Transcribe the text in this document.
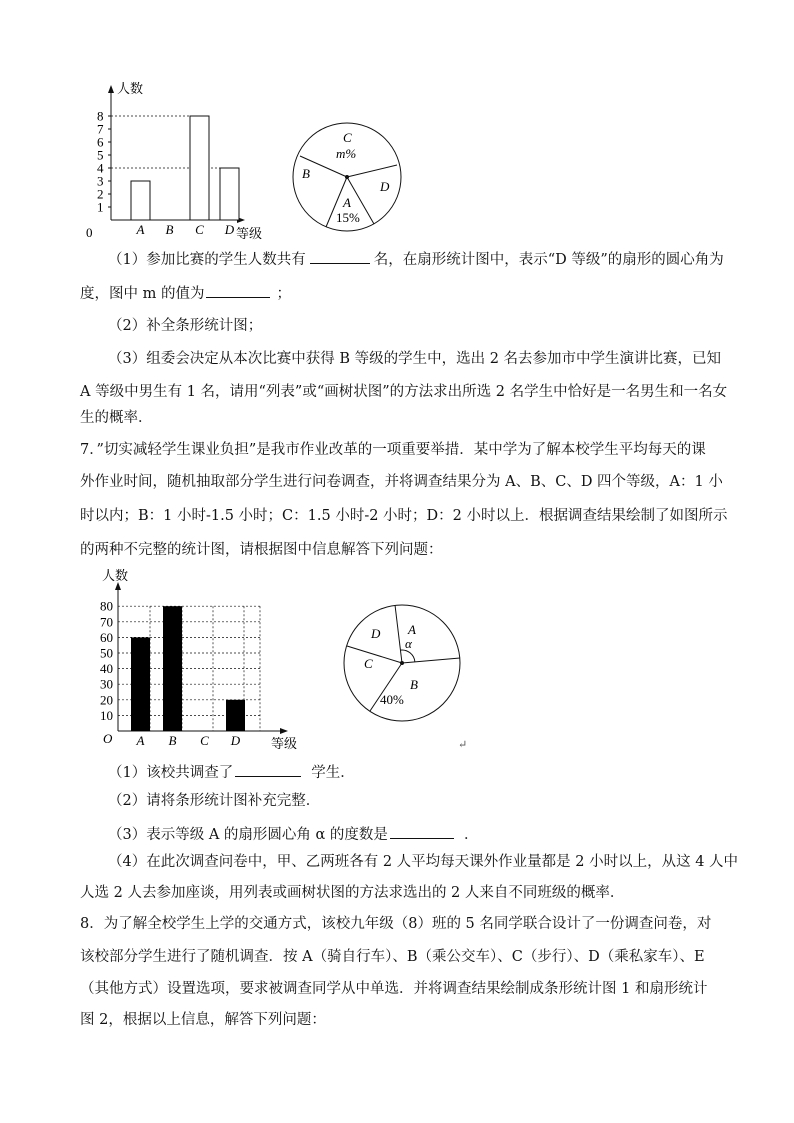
人数
等级
0
1
2
3
4
5
6
7
8
A B C D
C
m%
B
D
A
15%
（1）参加比赛的学生人数共有	名，在扇形统计图中，表示“D 等级”的扇形的圆心角为
度，图中 m 的值为	；
（2）补全条形统计图；
（3）组委会决定从本次比赛中获得 B 等级的学生中，选出 2 名去参加市中学生演讲比赛，已知
A 等级中男生有 1 名，请用“列表”或“画树状图”的方法求出所选 2 名学生中恰好是一名男生和一名女
生的概率．
7．”切实减轻学生课业负担”是我市作业改革的一项重要举措．某中学为了解本校学生平均每天的课
外作业时间，随机抽取部分学生进行问卷调查，并将调查结果分为 A、B、C、D 四个等级，A：1 小
时以内；B：1 小时-1.5 小时；C：1.5 小时-2 小时；D：2 小时以上．根据调查结果绘制了如图所示
的两种不完整的统计图，请根据图中信息解答下列问题：
人数
等级
O
10
20
30
40
50
60
70
80
A B C D
A
α
D
C
B
40%
↵
（1）该校共调查了	学生．
（2）请将条形统计图补充完整．
（3）表示等级 A 的扇形圆心角 α 的度数是	．
（4）在此次调查问卷中，甲、乙两班各有 2 人平均每天课外作业量都是 2 小时以上，从这 4 人中
人选 2 人去参加座谈，用列表或画树状图的方法求选出的 2 人来自不同班级的概率．
8．为了解全校学生上学的交通方式，该校九年级（8）班的 5 名同学联合设计了一份调查问卷，对
该校部分学生进行了随机调查．按 A（骑自行车）、B（乘公交车）、C（步行）、D（乘私家车）、E
（其他方式）设置选项，要求被调查同学从中单选．并将调查结果绘制成条形统计图 1 和扇形统计
图 2，根据以上信息，解答下列问题：
